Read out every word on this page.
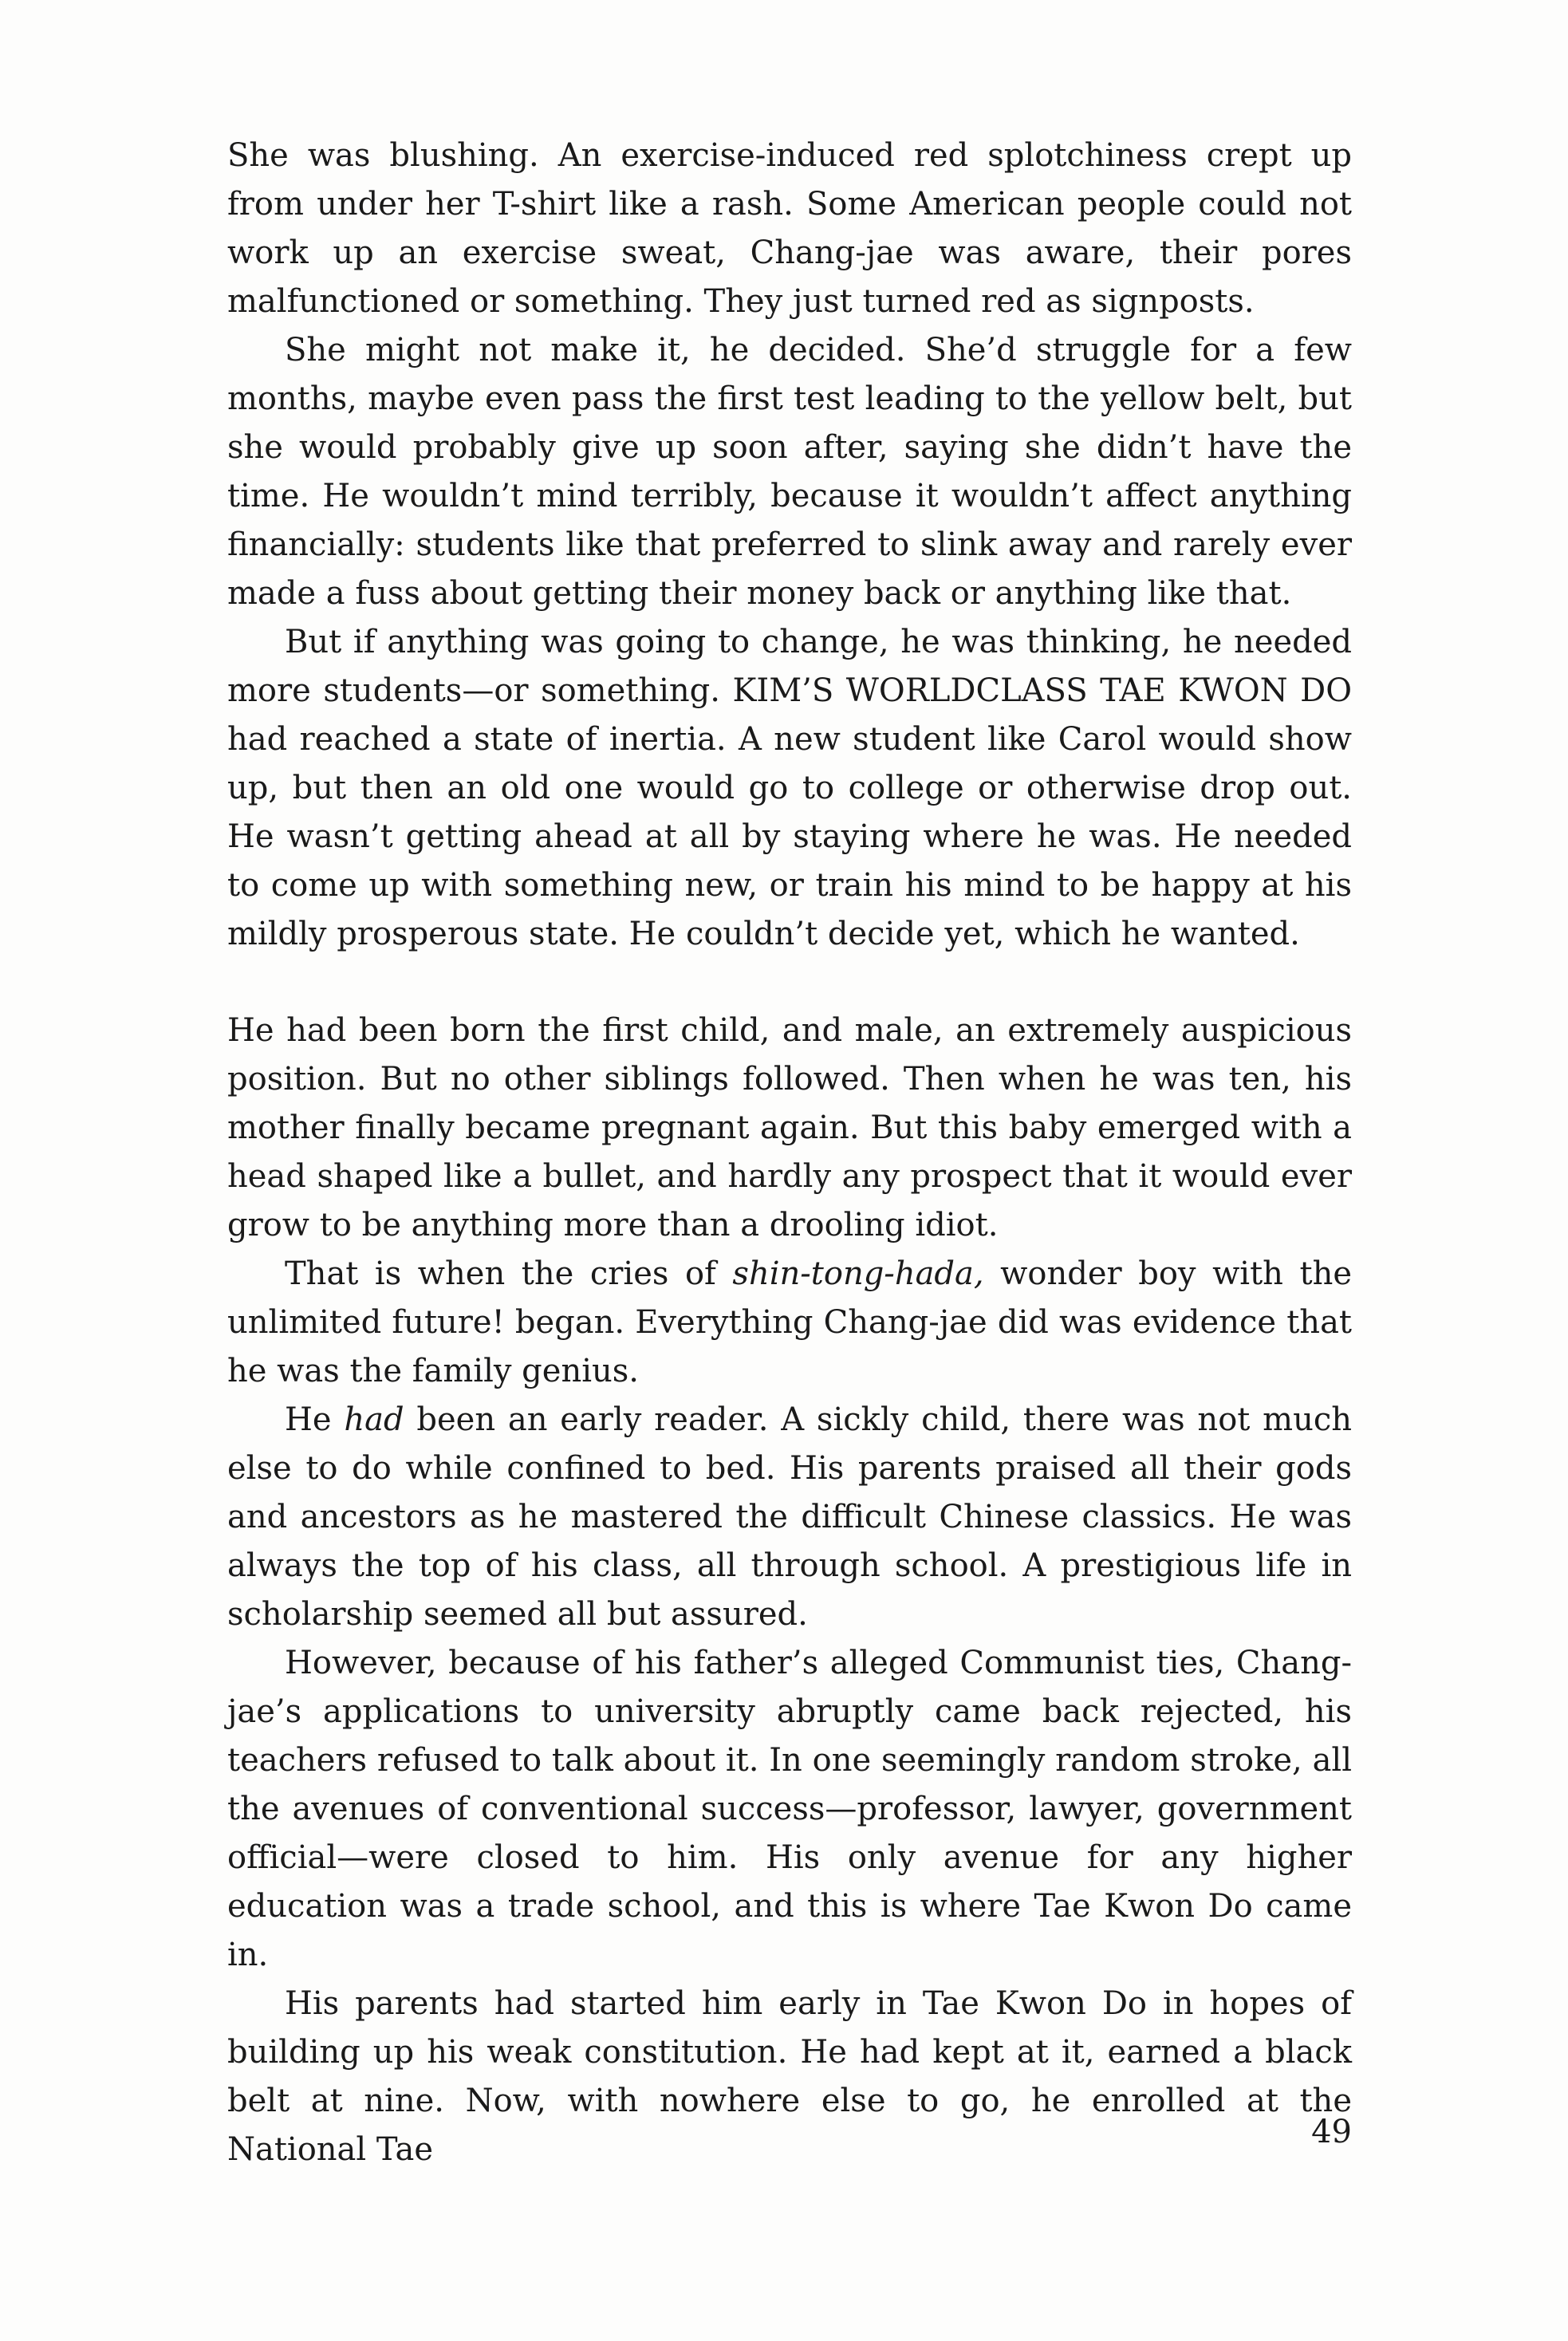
She was blushing. An exercise-induced red splotchiness crept up from under her T-shirt like a rash. Some American people could not work up an exercise sweat, Chang-jae was aware, their pores malfunctioned or something. They just turned red as signposts.

She might not make it, he decided. She’d struggle for a few months, maybe even pass the first test leading to the yellow belt, but she would probably give up soon after, saying she didn’t have the time. He wouldn’t mind terribly, because it wouldn’t affect anything financially: students like that preferred to slink away and rarely ever made a fuss about getting their money back or anything like that.

But if anything was going to change, he was thinking, he needed more students—or something. KIM’S WORLDCLASS TAE KWON DO had reached a state of inertia. A new student like Carol would show up, but then an old one would go to college or otherwise drop out. He wasn’t getting ahead at all by staying where he was. He needed to come up with something new, or train his mind to be happy at his mildly prosperous state. He couldn’t decide yet, which he wanted.

He had been born the first child, and male, an extremely auspicious position. But no other siblings followed. Then when he was ten, his mother finally became pregnant again. But this baby emerged with a head shaped like a bullet, and hardly any prospect that it would ever grow to be anything more than a drooling idiot.

That is when the cries of shin-tong-hada, wonder boy with the unlimited future! began. Everything Chang-jae did was evidence that he was the family genius.

He had been an early reader. A sickly child, there was not much else to do while confined to bed. His parents praised all their gods and ancestors as he mastered the difficult Chinese classics. He was always the top of his class, all through school. A prestigious life in scholarship seemed all but assured.

However, because of his father’s alleged Communist ties, Chang-jae’s applications to university abruptly came back rejected, his teachers refused to talk about it. In one seemingly random stroke, all the avenues of conventional success—professor, lawyer, government official—were closed to him. His only avenue for any higher education was a trade school, and this is where Tae Kwon Do came in.

His parents had started him early in Tae Kwon Do in hopes of building up his weak constitution. He had kept at it, earned a black belt at nine. Now, with nowhere else to go, he enrolled at the National Tae	49
